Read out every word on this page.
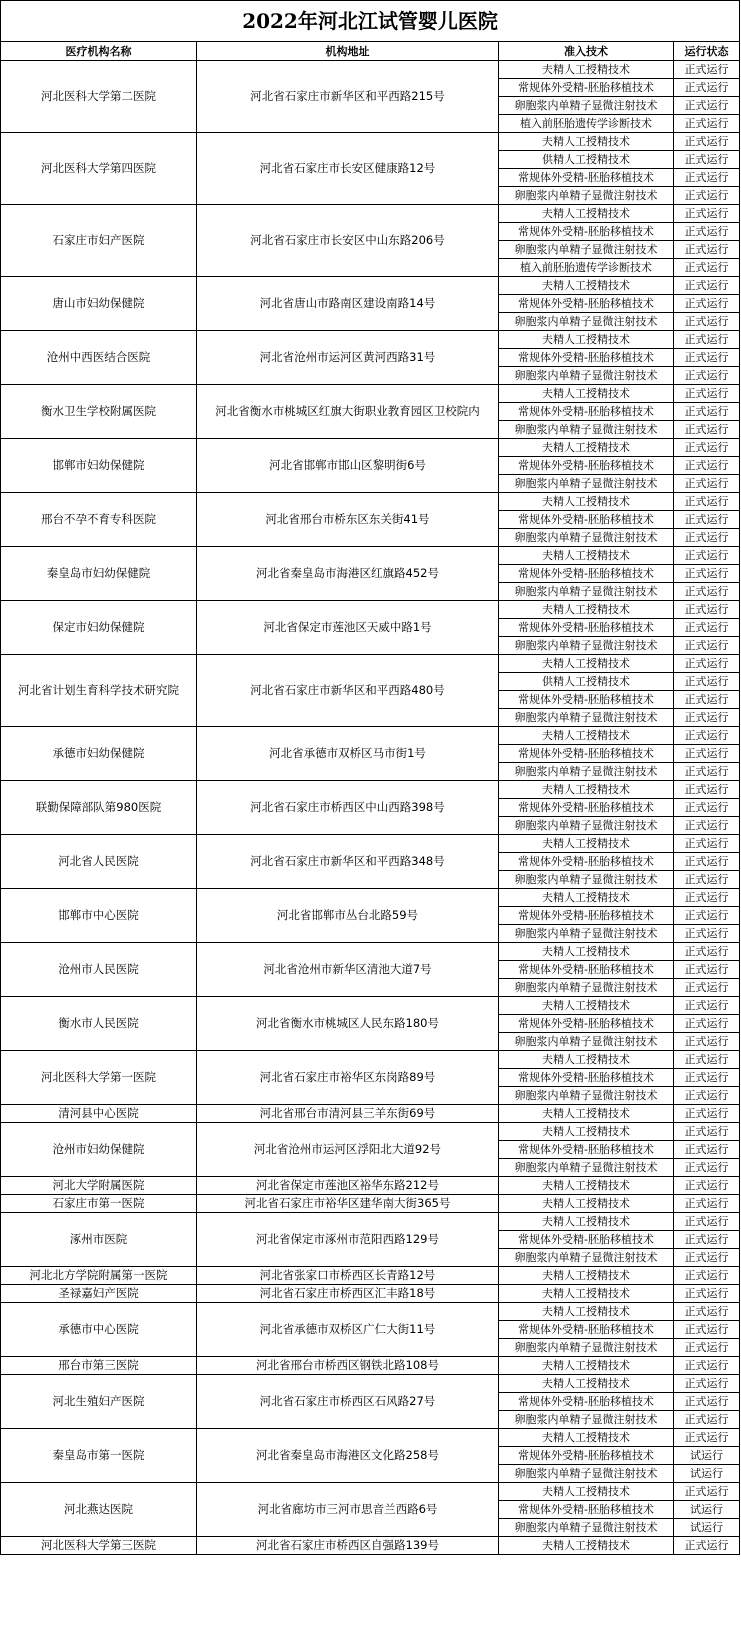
2022年河北江试管婴儿医院			
医疗机构名称	机构地址	准入技术	运行状态
河北医科大学第二医院	河北省石家庄市新华区和平西路215号	夫精人工授精技术	正式运行
		常规体外受精-胚胎移植技术	正式运行
		卵胞浆内单精子显微注射技术	正式运行
		植入前胚胎遗传学诊断技术	正式运行
河北医科大学第四医院	河北省石家庄市长安区健康路12号	夫精人工授精技术	正式运行
		供精人工授精技术	正式运行
		常规体外受精-胚胎移植技术	正式运行
		卵胞浆内单精子显微注射技术	正式运行
石家庄市妇产医院	河北省石家庄市长安区中山东路206号	夫精人工授精技术	正式运行
		常规体外受精-胚胎移植技术	正式运行
		卵胞浆内单精子显微注射技术	正式运行
		植入前胚胎遗传学诊断技术	正式运行
唐山市妇幼保健院	河北省唐山市路南区建设南路14号	夫精人工授精技术	正式运行
		常规体外受精-胚胎移植技术	正式运行
		卵胞浆内单精子显微注射技术	正式运行
沧州中西医结合医院	河北省沧州市运河区黄河西路31号	夫精人工授精技术	正式运行
		常规体外受精-胚胎移植技术	正式运行
		卵胞浆内单精子显微注射技术	正式运行
衡水卫生学校附属医院	河北省衡水市桃城区红旗大街职业教育园区卫校院内	夫精人工授精技术	正式运行
		常规体外受精-胚胎移植技术	正式运行
		卵胞浆内单精子显微注射技术	正式运行
邯郸市妇幼保健院	河北省邯郸市邯山区黎明街6号	夫精人工授精技术	正式运行
		常规体外受精-胚胎移植技术	正式运行
		卵胞浆内单精子显微注射技术	正式运行
邢台不孕不育专科医院	河北省邢台市桥东区东关街41号	夫精人工授精技术	正式运行
		常规体外受精-胚胎移植技术	正式运行
		卵胞浆内单精子显微注射技术	正式运行
秦皇岛市妇幼保健院	河北省秦皇岛市海港区红旗路452号	夫精人工授精技术	正式运行
		常规体外受精-胚胎移植技术	正式运行
		卵胞浆内单精子显微注射技术	正式运行
保定市妇幼保健院	河北省保定市莲池区天威中路1号	夫精人工授精技术	正式运行
		常规体外受精-胚胎移植技术	正式运行
		卵胞浆内单精子显微注射技术	正式运行
河北省计划生育科学技术研究院	河北省石家庄市新华区和平西路480号	夫精人工授精技术	正式运行
		供精人工授精技术	正式运行
		常规体外受精-胚胎移植技术	正式运行
		卵胞浆内单精子显微注射技术	正式运行
承德市妇幼保健院	河北省承德市双桥区马市街1号	夫精人工授精技术	正式运行
		常规体外受精-胚胎移植技术	正式运行
		卵胞浆内单精子显微注射技术	正式运行
联勤保障部队第980医院	河北省石家庄市桥西区中山西路398号	夫精人工授精技术	正式运行
		常规体外受精-胚胎移植技术	正式运行
		卵胞浆内单精子显微注射技术	正式运行
河北省人民医院	河北省石家庄市新华区和平西路348号	夫精人工授精技术	正式运行
		常规体外受精-胚胎移植技术	正式运行
		卵胞浆内单精子显微注射技术	正式运行
邯郸市中心医院	河北省邯郸市丛台北路59号	夫精人工授精技术	正式运行
		常规体外受精-胚胎移植技术	正式运行
		卵胞浆内单精子显微注射技术	正式运行
沧州市人民医院	河北省沧州市新华区清池大道7号	夫精人工授精技术	正式运行
		常规体外受精-胚胎移植技术	正式运行
		卵胞浆内单精子显微注射技术	正式运行
衡水市人民医院	河北省衡水市桃城区人民东路180号	夫精人工授精技术	正式运行
		常规体外受精-胚胎移植技术	正式运行
		卵胞浆内单精子显微注射技术	正式运行
河北医科大学第一医院	河北省石家庄市裕华区东岗路89号	夫精人工授精技术	正式运行
		常规体外受精-胚胎移植技术	正式运行
		卵胞浆内单精子显微注射技术	正式运行
清河县中心医院	河北省邢台市清河县三羊东街69号	夫精人工授精技术	正式运行
沧州市妇幼保健院	河北省沧州市运河区浮阳北大道92号	夫精人工授精技术	正式运行
		常规体外受精-胚胎移植技术	正式运行
		卵胞浆内单精子显微注射技术	正式运行
河北大学附属医院	河北省保定市莲池区裕华东路212号	夫精人工授精技术	正式运行
石家庄市第一医院	河北省石家庄市裕华区建华南大街365号	夫精人工授精技术	正式运行
涿州市医院	河北省保定市涿州市范阳西路129号	夫精人工授精技术	正式运行
		常规体外受精-胚胎移植技术	正式运行
		卵胞浆内单精子显微注射技术	正式运行
河北北方学院附属第一医院	河北省张家口市桥西区长青路12号	夫精人工授精技术	正式运行
圣禄嘉妇产医院	河北省石家庄市桥西区汇丰路18号	夫精人工授精技术	正式运行
承德市中心医院	河北省承德市双桥区广仁大街11号	夫精人工授精技术	正式运行
		常规体外受精-胚胎移植技术	正式运行
		卵胞浆内单精子显微注射技术	正式运行
邢台市第三医院	河北省邢台市桥西区钢铁北路108号	夫精人工授精技术	正式运行
河北生殖妇产医院	河北省石家庄市桥西区石风路27号	夫精人工授精技术	正式运行
		常规体外受精-胚胎移植技术	正式运行
		卵胞浆内单精子显微注射技术	正式运行
秦皇岛市第一医院	河北省秦皇岛市海港区文化路258号	夫精人工授精技术	正式运行
		常规体外受精-胚胎移植技术	试运行
		卵胞浆内单精子显微注射技术	试运行
河北燕达医院	河北省廊坊市三河市思音兰西路6号	夫精人工授精技术	正式运行
		常规体外受精-胚胎移植技术	试运行
		卵胞浆内单精子显微注射技术	试运行
河北医科大学第三医院	河北省石家庄市桥西区自强路139号	夫精人工授精技术	正式运行
